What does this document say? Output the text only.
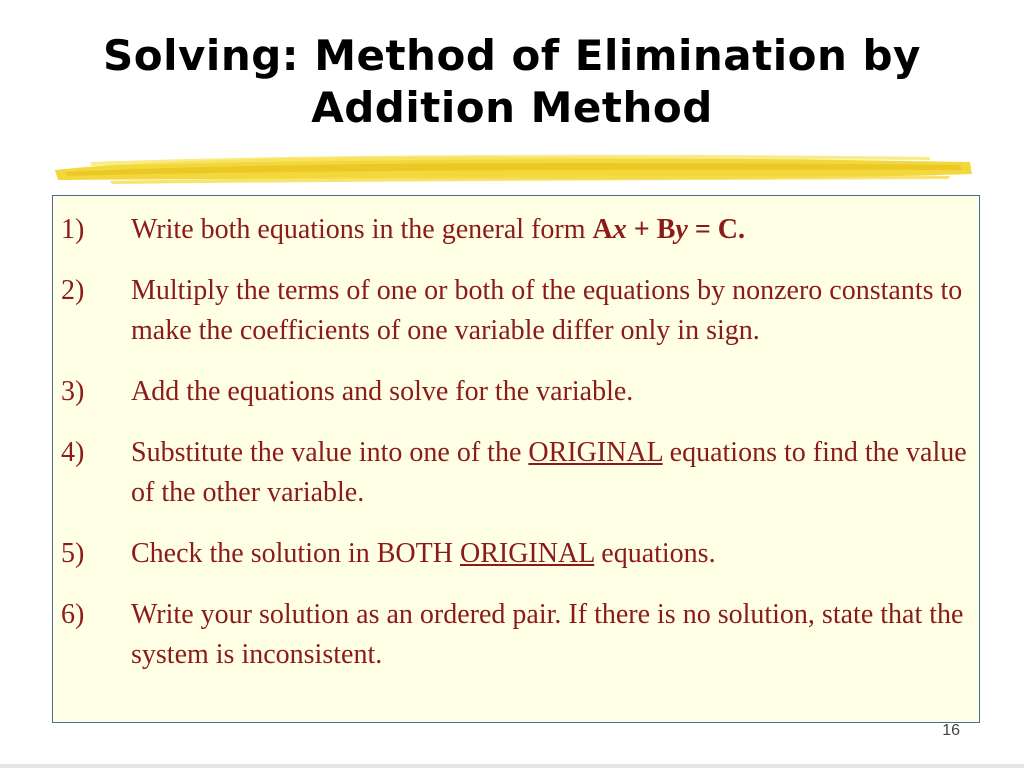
Solving: Method of Elimination by
Addition Method
1)	Write both equations in the general form Ax + By = C.
2)	Multiply the terms of one or both of the equations by nonzero constants to make the coefficients of one variable differ only in sign.
3)	Add the equations and solve for the variable.
4)	Substitute the value into one of the ORIGINAL equations to find the value of the other variable.
5)	Check the solution in BOTH ORIGINAL equations.
6)	Write your solution as an ordered pair. If there is no solution, state that the system is inconsistent.
16
